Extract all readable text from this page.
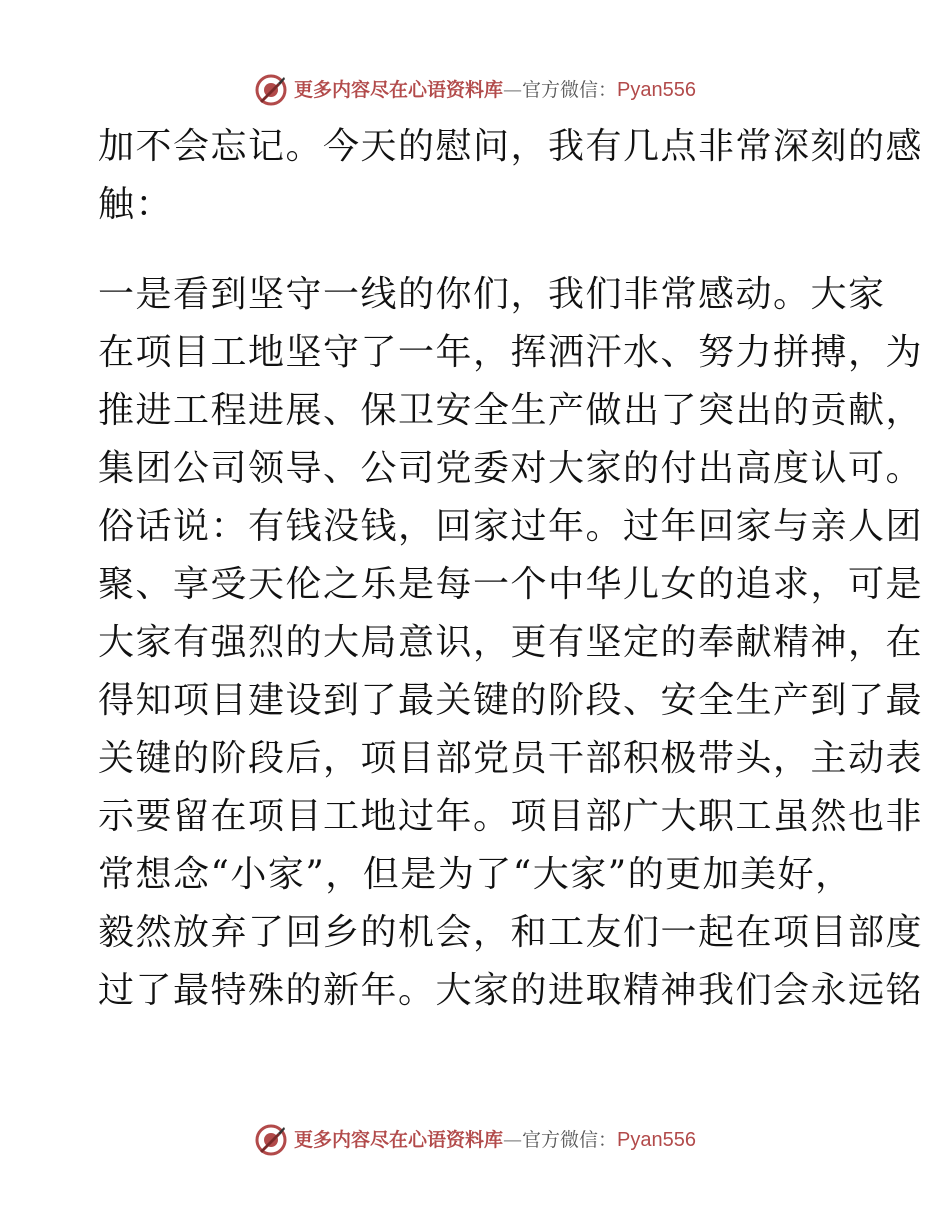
更多内容尽在心语资料库 — 官方微信： Pyan556
加不会忘记。今天的慰问，我有几点非常深刻的感
触：
一是看到坚守一线的你们，我们非常感动。大家
在项目工地坚守了一年，挥洒汗水、努力拼搏，为
推进工程进展、保卫安全生产做出了突出的贡献，
集团公司领导、公司党委对大家的付出高度认可。
俗话说：有钱没钱，回家过年。过年回家与亲人团
聚、享受天伦之乐是每一个中华儿女的追求，可是
大家有强烈的大局意识，更有坚定的奉献精神，在
得知项目建设到了最关键的阶段、安全生产到了最
关键的阶段后，项目部党员干部积极带头，主动表
示要留在项目工地过年。项目部广大职工虽然也非
常想念“小家”，但是为了“大家”的更加美好，
毅然放弃了回乡的机会，和工友们一起在项目部度
过了最特殊的新年。大家的进取精神我们会永远铭
更多内容尽在心语资料库 — 官方微信： Pyan556
